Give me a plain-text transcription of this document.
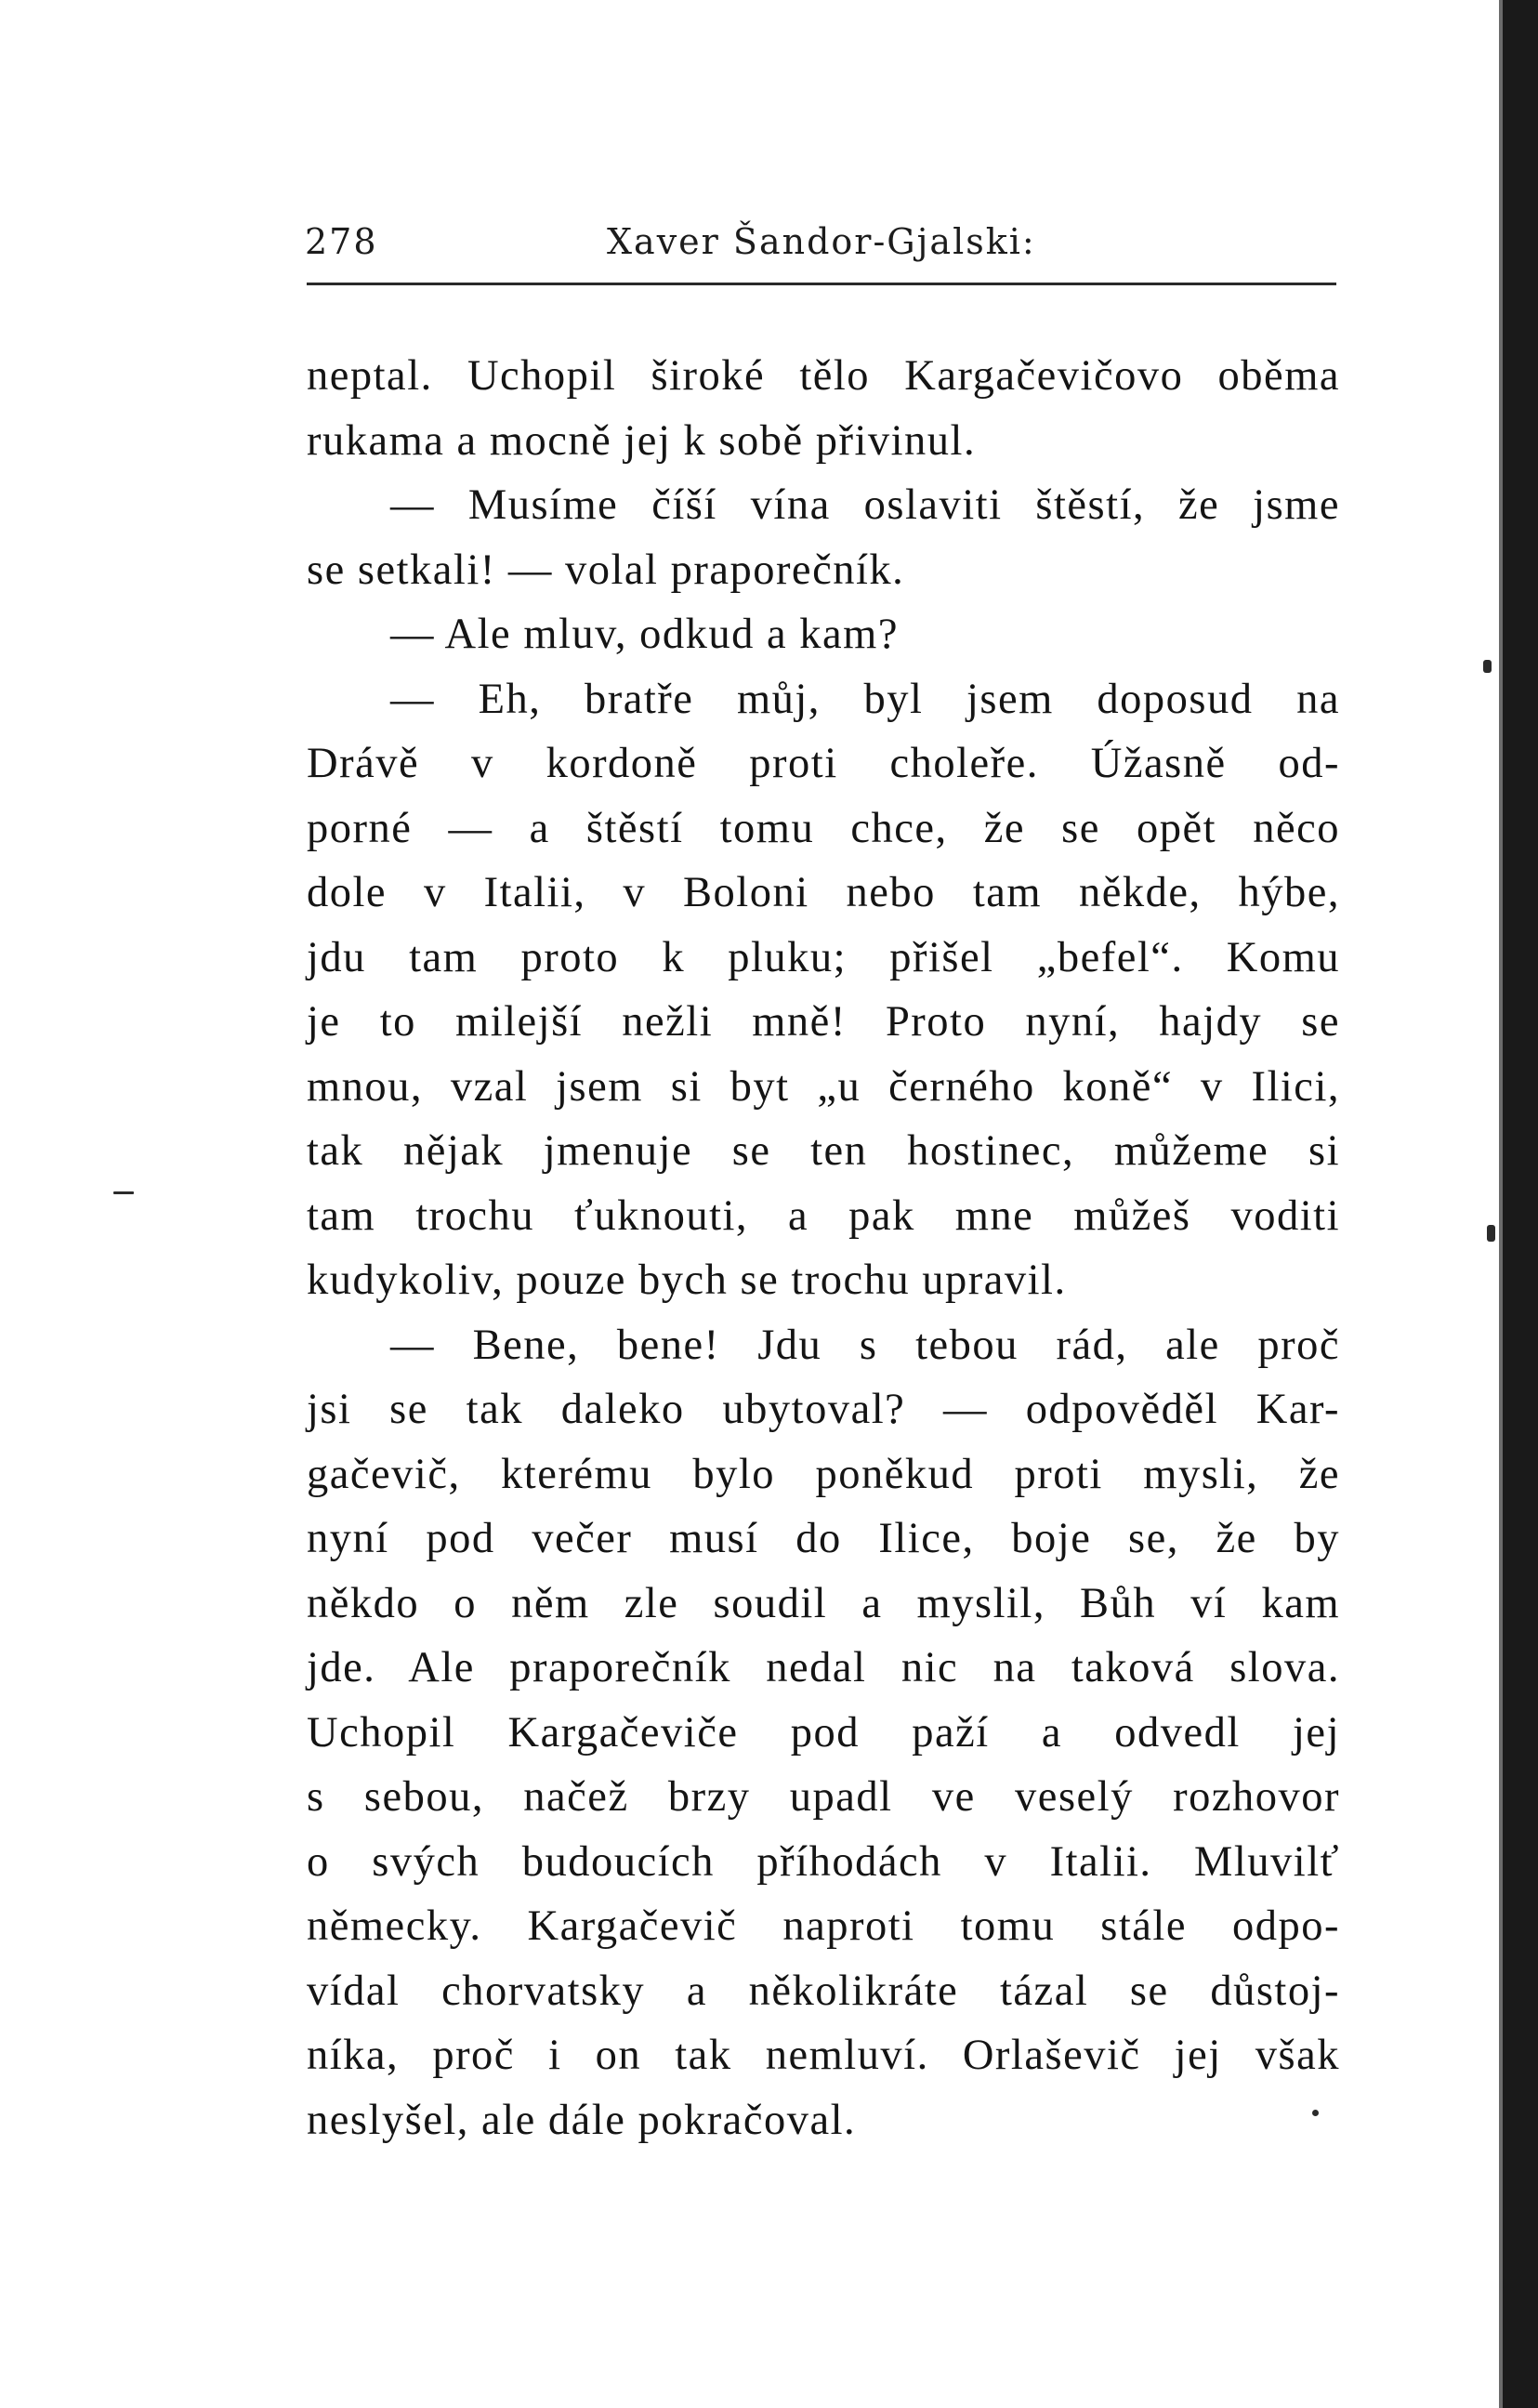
278	Xaver Šandor-Gjalski:
neptal. Uchopil široké tělo Kargačevičovo oběma
rukama a mocně jej k sobě přivinul.
— Musíme číší vína oslaviti štěstí, že jsme
se setkali! — volal praporečník.
— Ale mluv, odkud a kam?
— Eh, bratře můj, byl jsem doposud na
Drávě v kordoně proti choleře. Úžasně od-
porné — a štěstí tomu chce, že se opět něco
dole v Italii, v Boloni nebo tam někde, hýbe,
jdu tam proto k pluku; přišel „befel“. Komu
je to milejší nežli mně! Proto nyní, hajdy se
mnou, vzal jsem si byt „u černého koně“ v Ilici,
tak nějak jmenuje se ten hostinec, můžeme si
tam trochu ťuknouti, a pak mne můžeš voditi
kudykoliv, pouze bych se trochu upravil.
— Bene, bene! Jdu s tebou rád, ale proč
jsi se tak daleko ubytoval? — odpověděl Kar-
gačevič, kterému bylo poněkud proti mysli, že
nyní pod večer musí do Ilice, boje se, že by
někdo o něm zle soudil a myslil, Bůh ví kam
jde. Ale praporečník nedal nic na taková slova.
Uchopil Kargačeviče pod paží a odvedl jej
s sebou, načež brzy upadl ve veselý rozhovor
o svých budoucích příhodách v Italii. Mluvilť
německy. Kargačevič naproti tomu stále odpo-
vídal chorvatsky a několikráte tázal se důstoj-
níka, proč i on tak nemluví. Orlaševič jej však
neslyšel, ale dále pokračoval.
